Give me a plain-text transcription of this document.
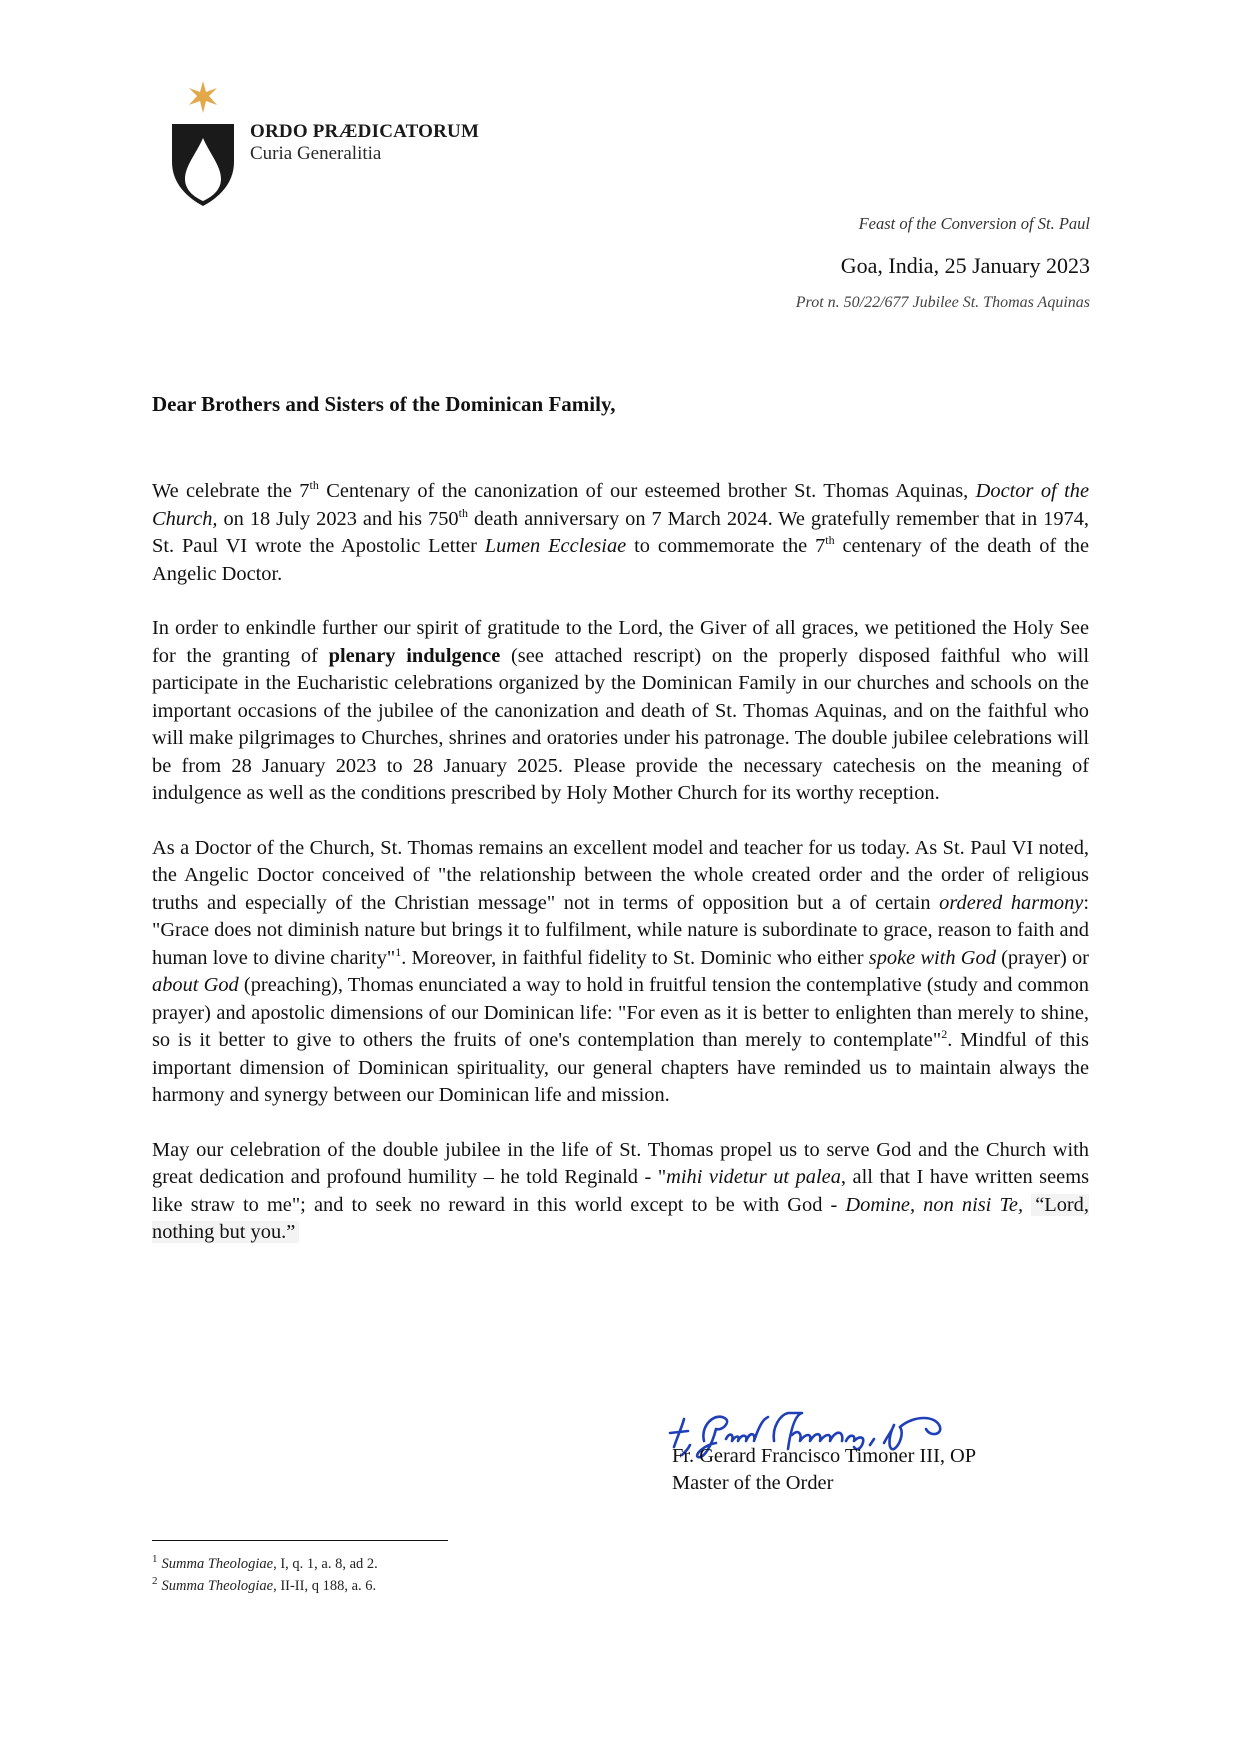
ORDO PRÆDICATORUM
Curia Generalitia
Feast of the Conversion of St. Paul
Goa, India, 25 January 2023
Prot n. 50/22/677 Jubilee St. Thomas Aquinas
Dear Brothers and Sisters of the Dominican Family,

We celebrate the 7th Centenary of the canonization of our esteemed brother St. Thomas Aquinas, Doctor of the Church, on 18 July 2023 and his 750th death anniversary on 7 March 2024. We gratefully remember that in 1974, St. Paul VI wrote the Apostolic Letter Lumen Ecclesiae to commemorate the 7th centenary of the death of the Angelic Doctor.

In order to enkindle further our spirit of gratitude to the Lord, the Giver of all graces, we petitioned the Holy See for the granting of plenary indulgence (see attached rescript) on the properly disposed faithful who will participate in the Eucharistic celebrations organized by the Dominican Family in our churches and schools on the important occasions of the jubilee of the canonization and death of St. Thomas Aquinas, and on the faithful who will make pilgrimages to Churches, shrines and oratories under his patronage. The double jubilee celebrations will be from 28 January 2023 to 28 January 2025. Please provide the necessary catechesis on the meaning of indulgence as well as the conditions prescribed by Holy Mother Church for its worthy reception.

As a Doctor of the Church, St. Thomas remains an excellent model and teacher for us today. As St. Paul VI noted, the Angelic Doctor conceived of "the relationship between the whole created order and the order of religious truths and especially of the Christian message" not in terms of opposition but a of certain ordered harmony: "Grace does not diminish nature but brings it to fulfilment, while nature is subordinate to grace, reason to faith and human love to divine charity"$^1$. Moreover, in faithful fidelity to St. Dominic who either spoke with God (prayer) or about God (preaching), Thomas enunciated a way to hold in fruitful tension the contemplative (study and common prayer) and apostolic dimensions of our Dominican life: "For even as it is better to enlighten than merely to shine, so is it better to give to others the fruits of one's contemplation than merely to contemplate"$^2$. Mindful of this important dimension of Dominican spirituality, our general chapters have reminded us to maintain always the harmony and synergy between our Dominican life and mission.

May our celebration of the double jubilee in the life of St. Thomas propel us to serve God and the Church with great dedication and profound humility – he told Reginald - "mihi videtur ut palea, all that I have written seems like straw to me"; and to seek no reward in this world except to be with God - Domine, non nisi Te, “Lord, nothing but you.”

Fr. Gerard Francisco Timoner III, OP
Master of the Order
$^1$ Summa Theologiae, I, q. 1, a. 8, ad 2.
$^2$ Summa Theologiae, II-II, q 188, a. 6.
